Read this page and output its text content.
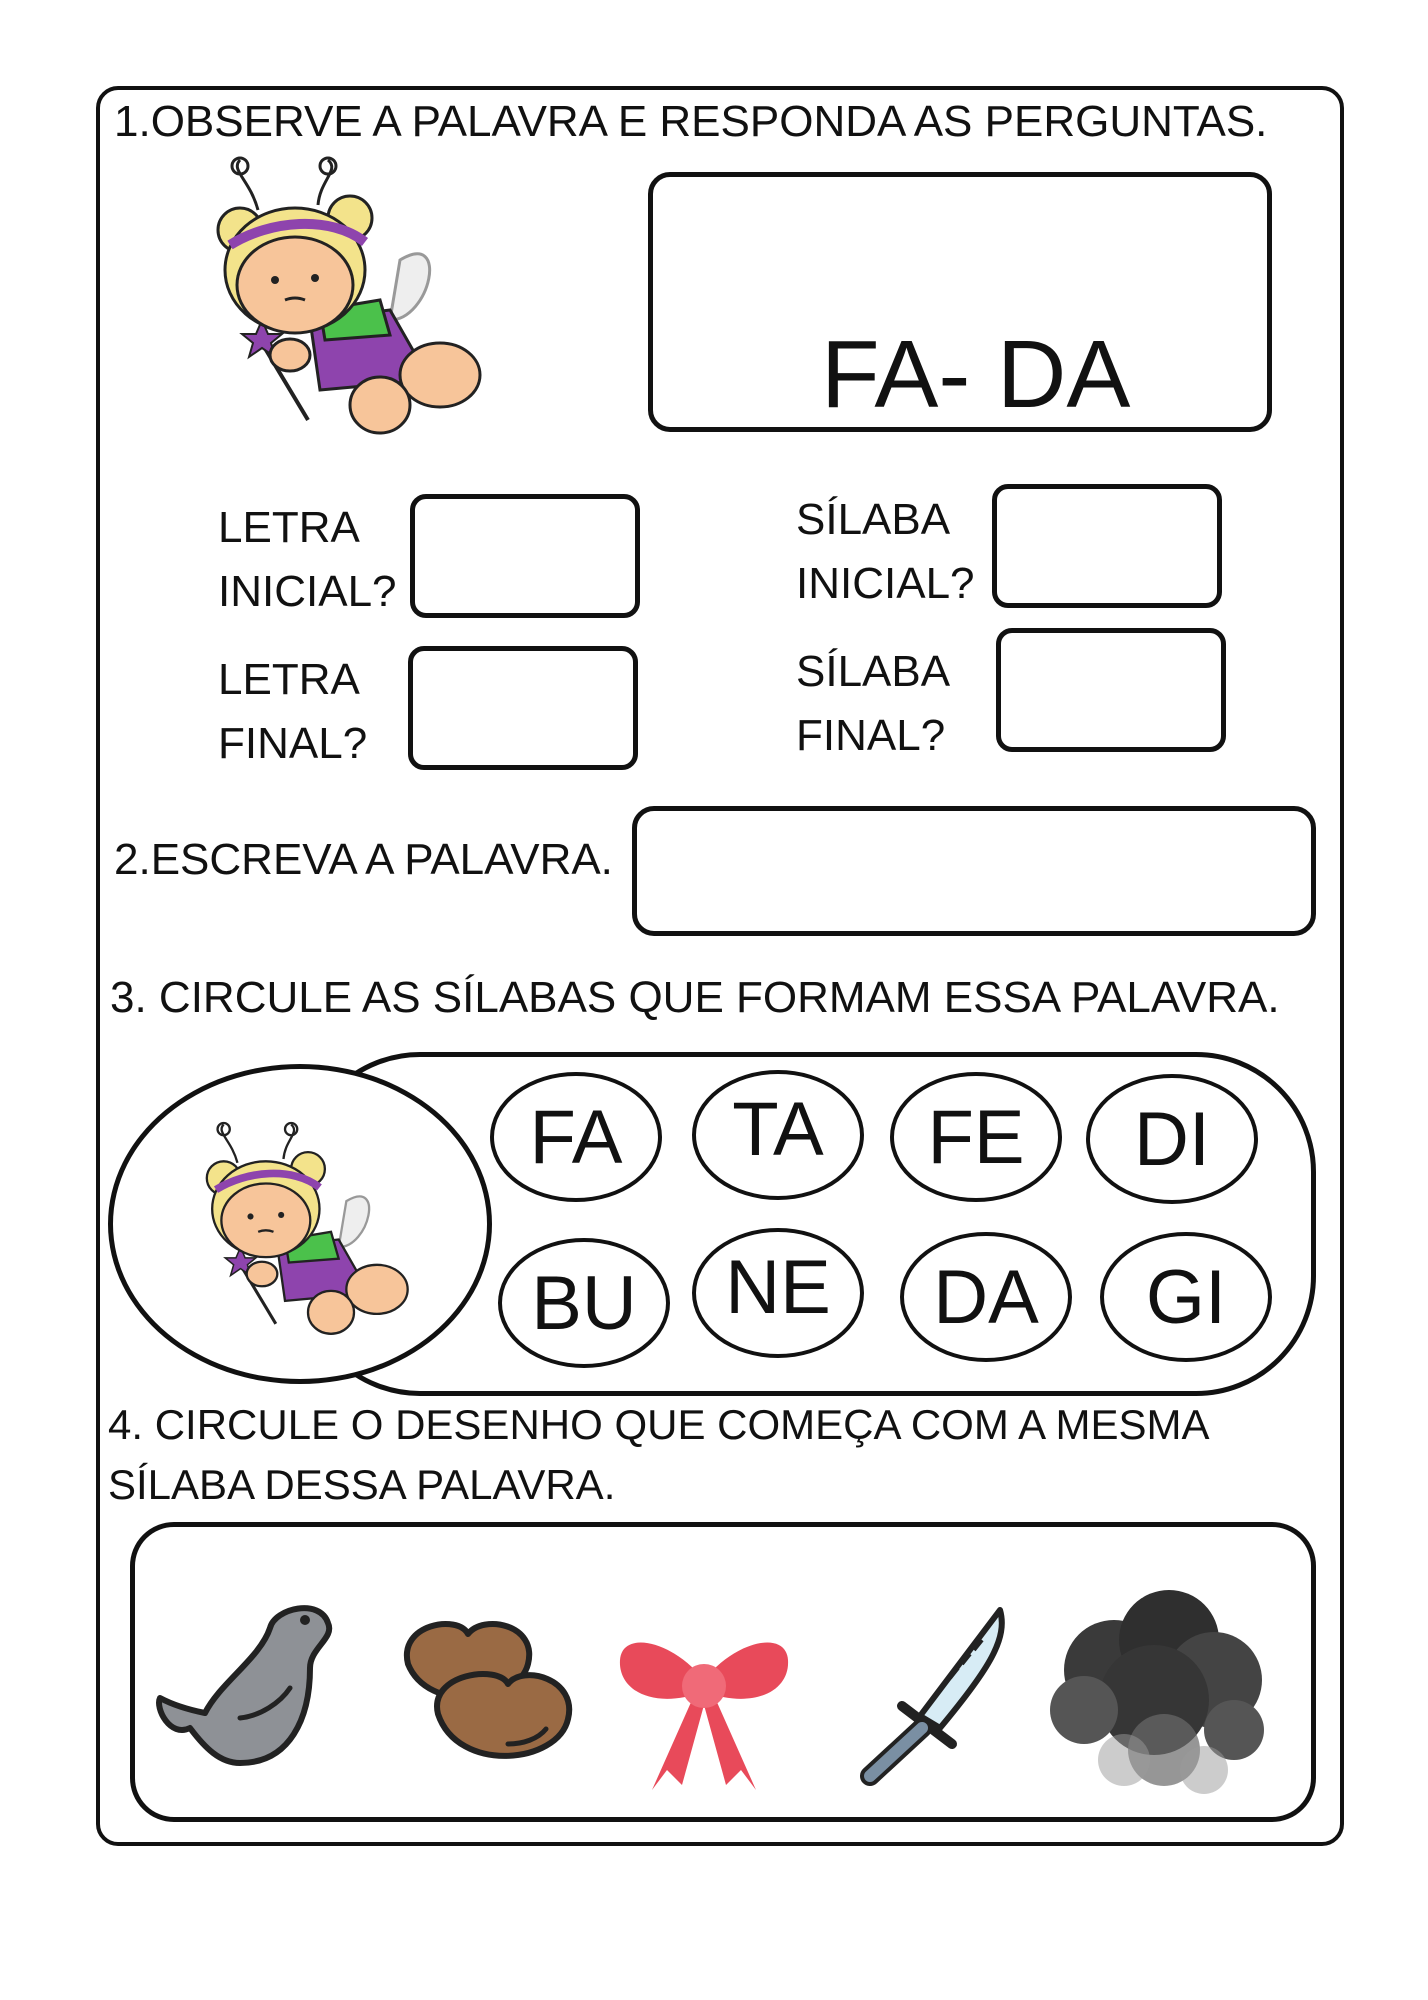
1.OBSERVE A PALAVRA E RESPONDA AS PERGUNTAS.
FA- DA
LETRA
INICIAL?
LETRA
FINAL?
SÍLABA
INICIAL?
SÍLABA
FINAL?
2.ESCREVA A PALAVRA.
3. CIRCULE AS SÍLABAS QUE FORMAM ESSA PALAVRA.
FA	TA	FE	DI
BU	NE	DA	GI
4. CIRCULE O DESENHO QUE COMEÇA COM A MESMA
SÍLABA DESSA PALAVRA.
